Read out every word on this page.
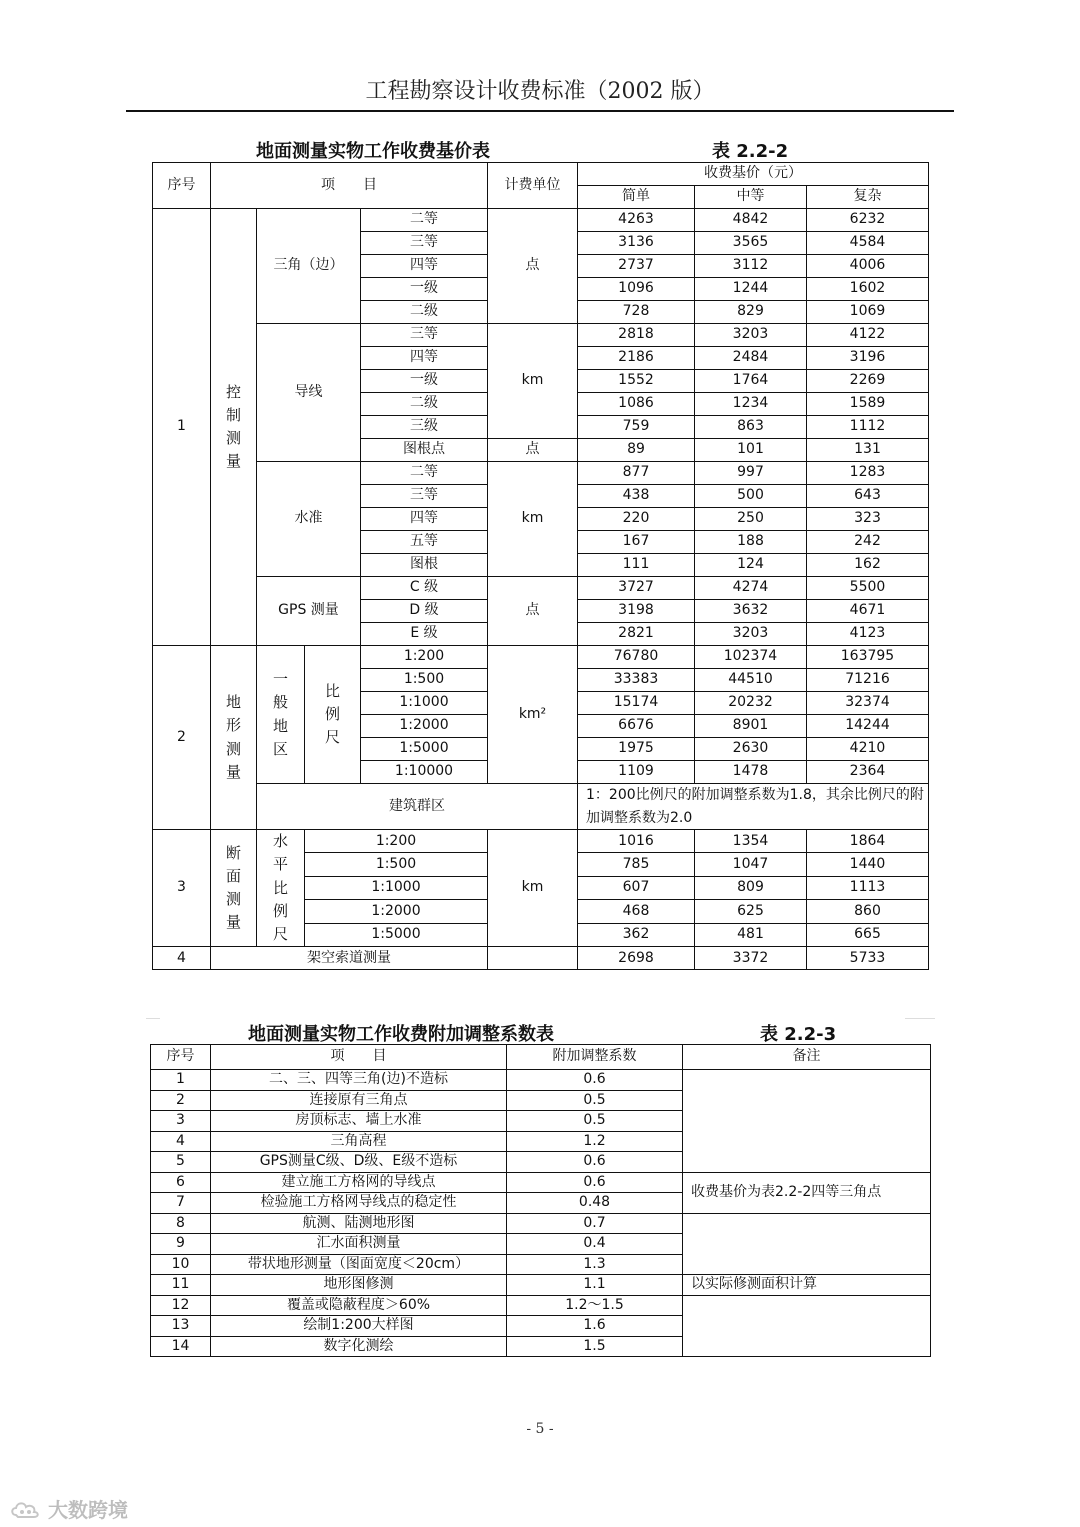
工程勘察设计收费标准（2002 版）
地面测量实物工作收费基价表	表 2.2-2
序号	项　　目				计费单位	收费基价（元）		
						简单	中等	复杂
1	控制测量	三角（边）		二等	点	4263	4842	6232
				三等		3136	3565	4584
				四等		2737	3112	4006
				一级		1096	1244	1602
				二级		728	829	1069
		导线		三等	km	2818	3203	4122
				四等		2186	2484	3196
				一级		1552	1764	2269
				二级		1086	1234	1589
				三级		759	863	1112
				图根点	点	89	101	131
		水准		二等	km	877	997	1283
				三等		438	500	643
				四等		220	250	323
				五等		167	188	242
				图根		111	124	162
		GPS 测量		C 级	点	3727	4274	5500
				D 级		3198	3632	4671
				E 级		2821	3203	4123
2	地形测量	一般地区	比例尺	1:200	km²	76780	102374	163795
				1:500		33383	44510	71216
				1:1000		15174	20232	32374
				1:2000		6676	8901	14244
				1:5000		1975	2630	4210
				1:10000		1109	1478	2364
		建筑群区				1：200比例尺的附加调整系数为1.8，其余比例尺的附加调整系数为2.0		

3	断面测量	水平比例尺	1:200		km	1016	1354	1864
			1:500			785	1047	1440
			1:1000			607	809	1113
			1:2000			468	625	860
			1:5000			362	481	665
4	架空索道测量					2698	3372	5733
地面测量实物工作收费附加调整系数表	表 2.2-3
序号	项　　目	附加调整系数	备注
1	二、三、四等三角(边)不造标	0.6	
2	连接原有三角点	0.5	
3	房顶标志、墙上水准	0.5	
4	三角高程	1.2	
5	GPS测量C级、D级、E级不造标	0.6	
6	建立施工方格网的导线点	0.6	收费基价为表2.2-2四等三角点
7	检验施工方格网导线点的稳定性	0.48	
8	航测、陆测地形图	0.7	
9	汇水面积测量	0.4	
10	带状地形测量（图面宽度＜20cm）	1.3	
11	地形图修测	1.1	以实际修测面积计算
12	覆盖或隐蔽程度＞60%	1.2～1.5	
13	绘制1:200大样图	1.6	
14	数字化测绘	1.5	
- 5 -
大数跨境
